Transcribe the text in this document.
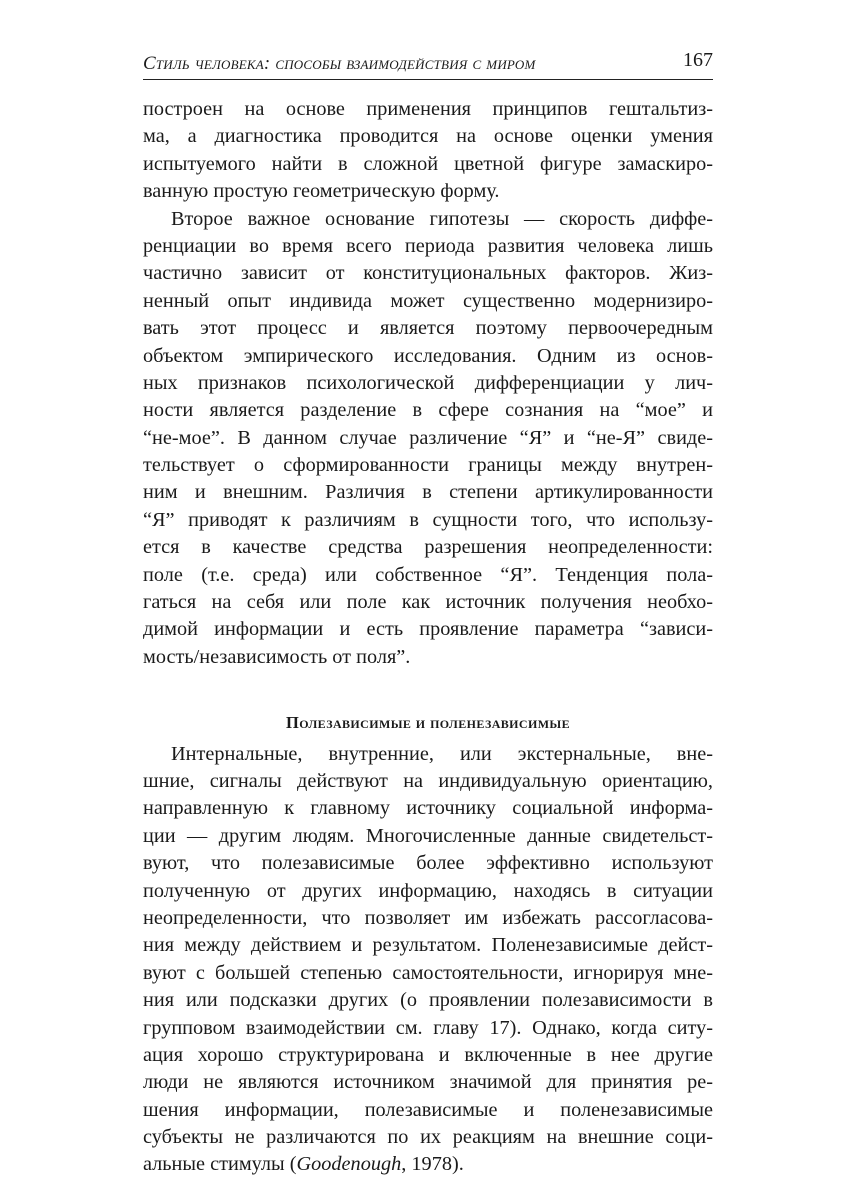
Стиль человека: способы взаимодействия с миром	167
построен на основе применения принципов гештальтиз-
ма, а диагностика проводится на основе оценки умения
испытуемого найти в сложной цветной фигуре замаскиро-
ванную простую геометрическую форму.
Второе важное основание гипотезы — скорость диффе-
ренциации во время всего периода развития человека лишь
частично зависит от конституциональных факторов. Жиз-
ненный опыт индивида может существенно модернизиро-
вать этот процесс и является поэтому первоочередным
объектом эмпирического исследования. Одним из основ-
ных признаков психологической дифференциации у лич-
ности является разделение в сфере сознания на “мое” и
“не-мое”. В данном случае различение “Я” и “не-Я” свиде-
тельствует о сформированности границы между внутрен-
ним и внешним. Различия в степени артикулированности
“Я” приводят к различиям в сущности того, что использу-
ется в качестве средства разрешения неопределенности:
поле (т.е. среда) или собственное “Я”. Тенденция пола-
гаться на себя или поле как источник получения необхо-
димой информации и есть проявление параметра “зависи-
мость/независимость от поля”.
Полезависимые и поленезависимые
Интернальные, внутренние, или экстернальные, вне-
шние, сигналы действуют на индивидуальную ориентацию,
направленную к главному источнику социальной информа-
ции — другим людям. Многочисленные данные свидетельст-
вуют, что полезависимые более эффективно используют
полученную от других информацию, находясь в ситуации
неопределенности, что позволяет им избежать рассогласова-
ния между действием и результатом. Поленезависимые дейст-
вуют с большей степенью самостоятельности, игнорируя мне-
ния или подсказки других (о проявлении полезависимости в
групповом взаимодействии см. главу 17). Однако, когда ситу-
ация хорошо структурирована и включенные в нее другие
люди не являются источником значимой для принятия ре-
шения информации, полезависимые и поленезависимые
субъекты не различаются по их реакциям на внешние соци-
альные стимулы (Goodenough, 1978).
